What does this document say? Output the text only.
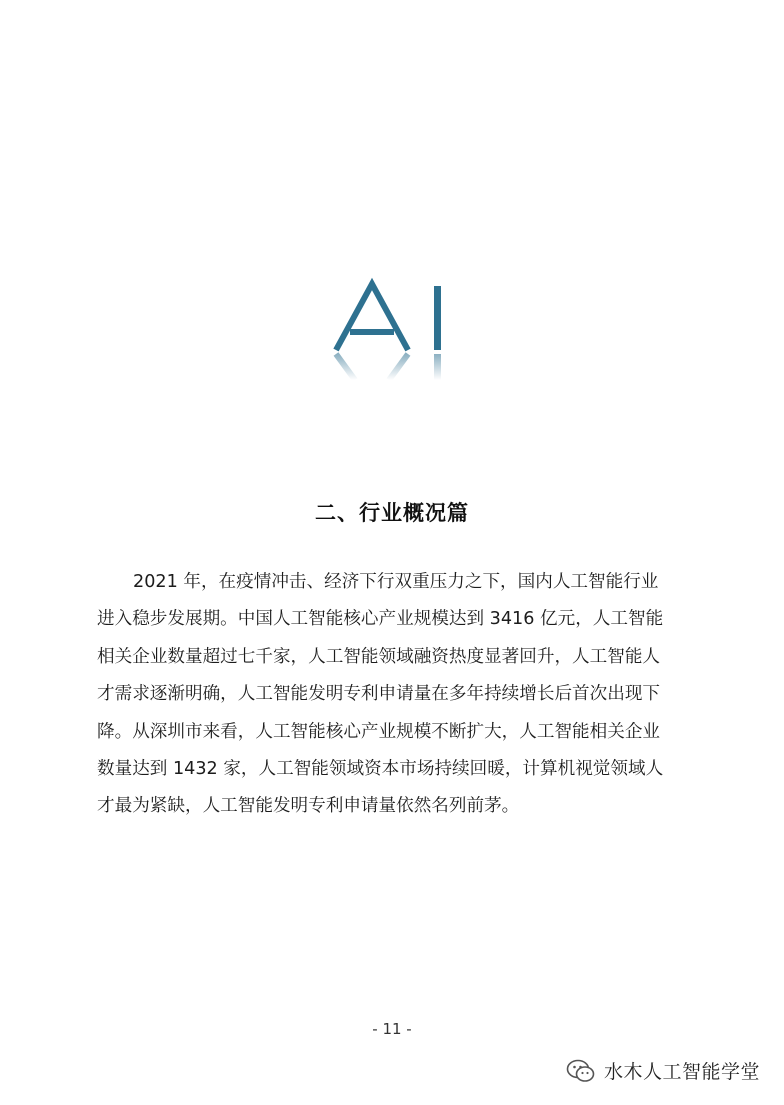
二、行业概况篇
2021 年，在疫情冲击、经济下行双重压力之下，国内人工智能行业
进入稳步发展期。中国人工智能核心产业规模达到 3416 亿元，人工智能
相关企业数量超过七千家，人工智能领域融资热度显著回升，人工智能人
才需求逐渐明确，人工智能发明专利申请量在多年持续增长后首次出现下
降。从深圳市来看，人工智能核心产业规模不断扩大，人工智能相关企业
数量达到 1432 家，人工智能领域资本市场持续回暖，计算机视觉领域人
才最为紧缺，人工智能发明专利申请量依然名列前茅。
- 11 -
水木人工智能学堂
